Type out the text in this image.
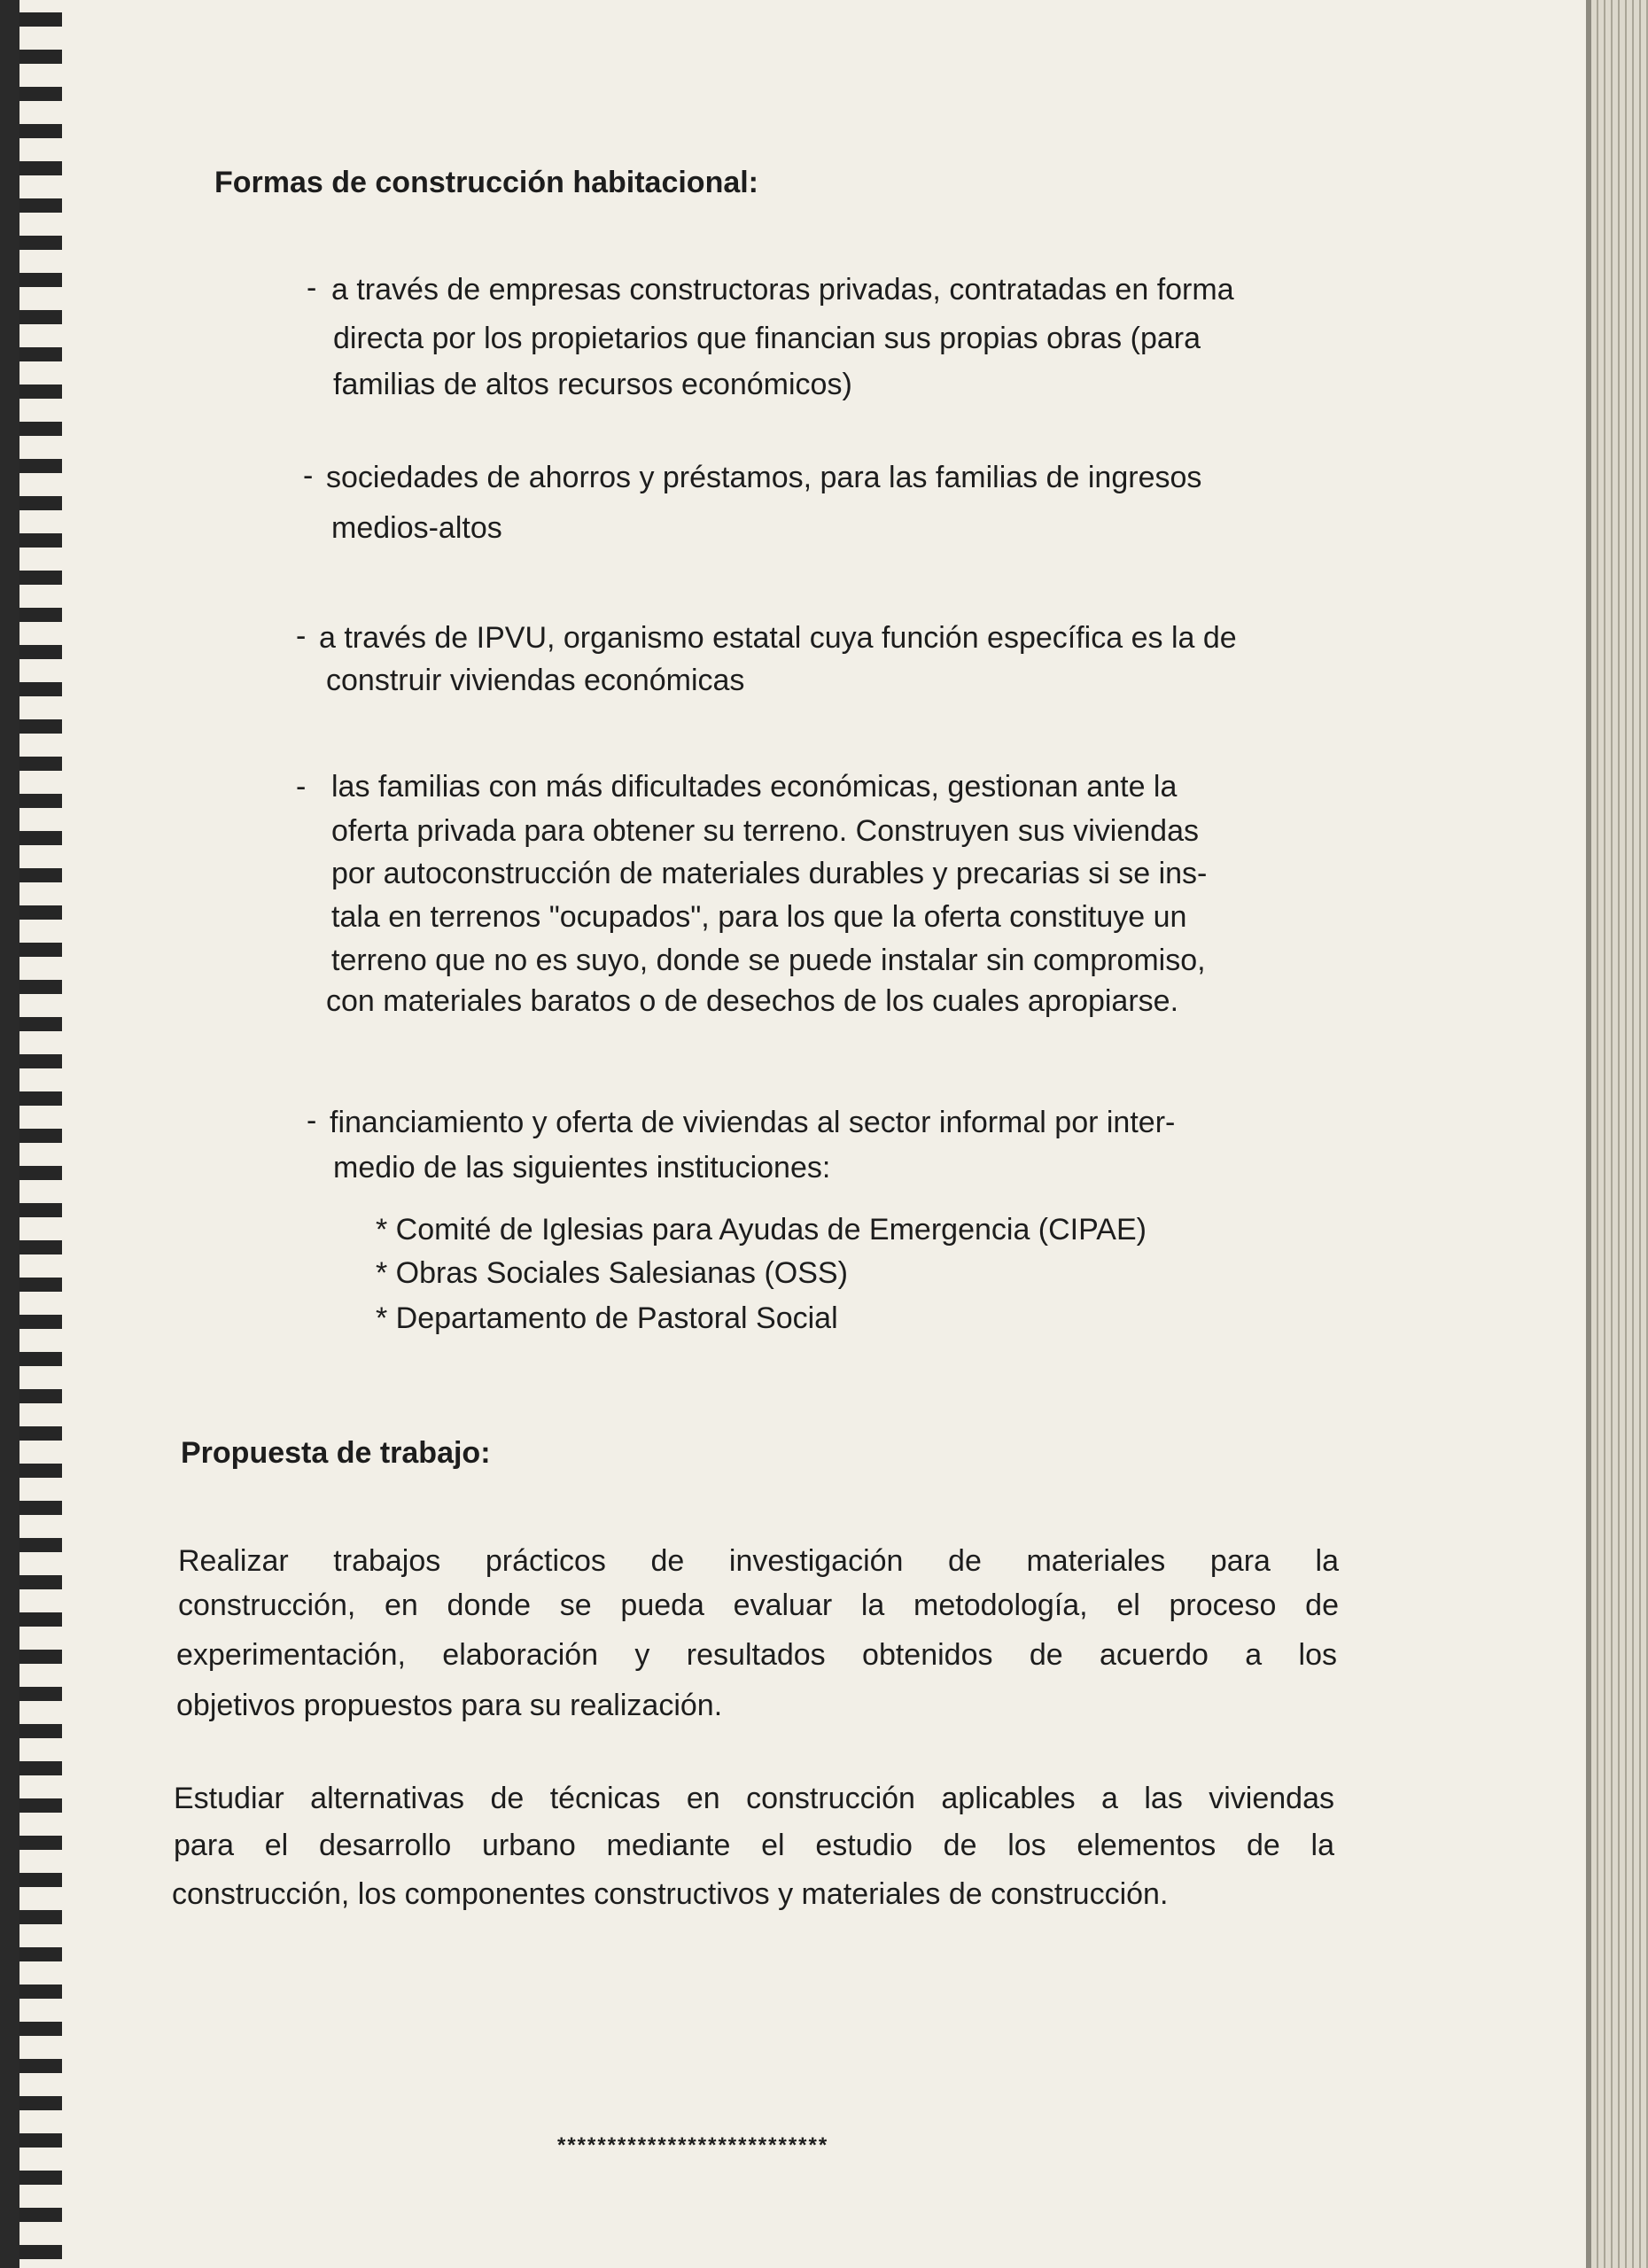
Formas de construcción habitacional:
- a través de empresas constructoras privadas, contratadas en forma
directa por los propietarios que financian sus propias obras (para
familias de altos recursos económicos)
- sociedades de ahorros y préstamos, para las familias de ingresos
medios-altos
- a través de IPVU, organismo estatal cuya función específica es la de
construir viviendas económicas
- las familias con más dificultades económicas, gestionan ante la
oferta privada para obtener su terreno. Construyen sus viviendas
por autoconstrucción de materiales durables y precarias si se ins-
tala en terrenos "ocupados", para los que la oferta constituye un
terreno que no es suyo, donde se puede instalar sin compromiso,
con materiales baratos o de desechos de los cuales apropiarse.
- financiamiento y oferta de viviendas al sector informal por inter-
medio de las siguientes instituciones:
* Comité de Iglesias para Ayudas de Emergencia (CIPAE)
* Obras Sociales Salesianas (OSS)
* Departamento de Pastoral Social
Propuesta de trabajo:
Realizar trabajos prácticos de investigación de materiales para la
construcción, en donde se pueda evaluar la metodología, el proceso de
experimentación, elaboración y resultados obtenidos de acuerdo a los
objetivos propuestos para su realización.
Estudiar alternativas de técnicas en construcción aplicables a las viviendas
para el desarrollo urbano mediante el estudio de los elementos de la
construcción, los componentes constructivos y materiales de construcción.
***************************
